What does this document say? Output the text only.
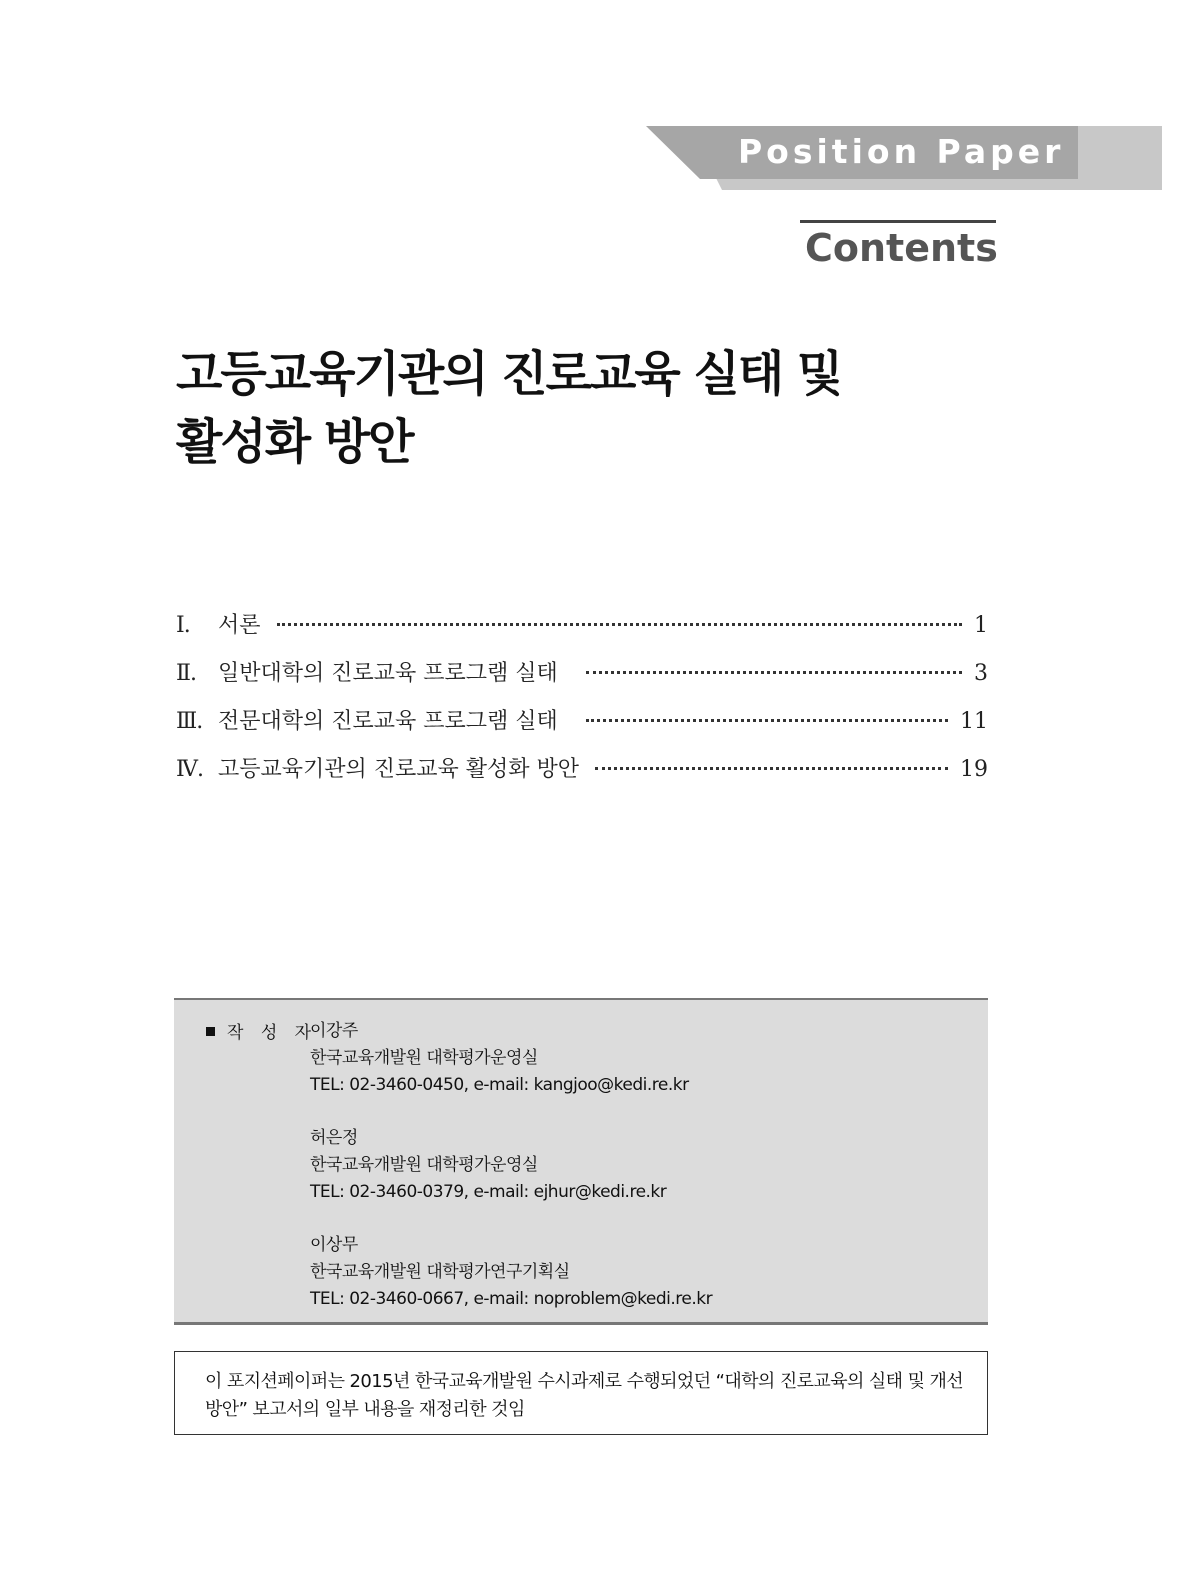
Position Paper
Contents
고등교육기관의 진로교육 실태 및
활성화 방안
Ⅰ.	서론	1
Ⅱ.	일반대학의 진로교육 프로그램 실태	3
Ⅲ. 전문대학의 진로교육 프로그램 실태	11
Ⅳ. 고등교육기관의 진로교육 활성화 방안	19
작 성 자
이강주
한국교육개발원 대학평가운영실
TEL: 02-3460-0450, e-mail: kangjoo@kedi.re.kr
허은정
한국교육개발원 대학평가운영실
TEL: 02-3460-0379, e-mail: ejhur@kedi.re.kr
이상무
한국교육개발원 대학평가연구기획실
TEL: 02-3460-0667, e-mail: noproblem@kedi.re.kr
이 포지션페이퍼는 2015년 한국교육개발원 수시과제로 수행되었던 “대학의 진로교육의 실태 및 개선
방안” 보고서의 일부 내용을 재정리한 것임
